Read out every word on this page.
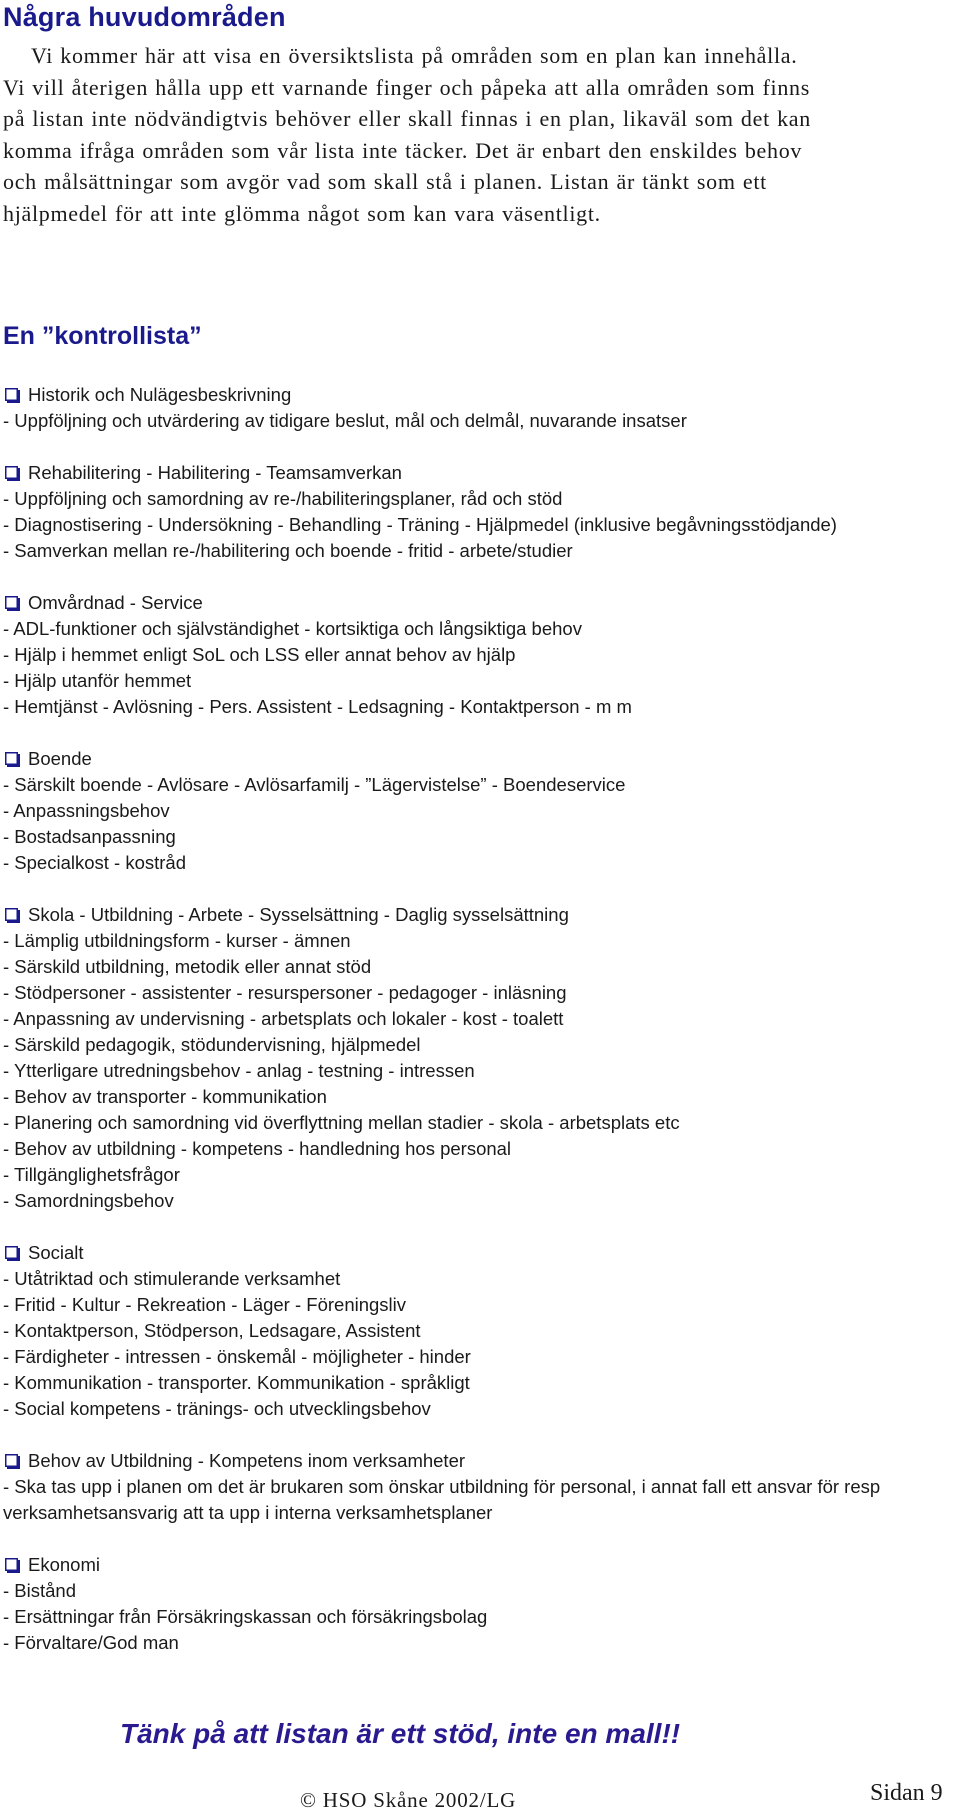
Några huvudområden

Vi kommer här att visa en översiktslista på områden som en plan kan innehålla. Vi vill återigen hålla upp ett varnande finger och påpeka att alla områden som finns på listan inte nödvändigtvis behöver eller skall finnas i en plan, likaväl som det kan komma ifråga områden som vår lista inte täcker. Det är enbart den enskildes behov och målsättningar som avgör vad som skall stå i planen. Listan är tänkt som ett hjälpmedel för att inte glömma något som kan vara väsentligt.

En ”kontrollista”
Historik och Nulägesbeskrivning
- Uppföljning och utvärdering av tidigare beslut, mål och delmål, nuvarande insatser
Rehabilitering - Habilitering - Teamsamverkan
- Uppföljning och samordning av re-/habiliteringsplaner, råd och stöd
- Diagnostisering - Undersökning - Behandling - Träning - Hjälpmedel (inklusive begåvningsstödjande)
- Samverkan mellan re-/habilitering och boende - fritid - arbete/studier
Omvårdnad - Service
- ADL-funktioner och självständighet - kortsiktiga och långsiktiga behov
- Hjälp i hemmet enligt SoL och LSS eller annat behov av hjälp
- Hjälp utanför hemmet
- Hemtjänst - Avlösning - Pers. Assistent - Ledsagning - Kontaktperson - m m
Boende
- Särskilt boende - Avlösare - Avlösarfamilj - ”Lägervistelse” - Boendeservice
- Anpassningsbehov
- Bostadsanpassning
- Specialkost - kostråd
Skola - Utbildning - Arbete - Sysselsättning - Daglig sysselsättning
- Lämplig utbildningsform - kurser - ämnen
- Särskild utbildning, metodik eller annat stöd
- Stödpersoner - assistenter - resurspersoner - pedagoger - inläsning
- Anpassning av undervisning - arbetsplats och lokaler - kost - toalett
- Särskild pedagogik, stödundervisning, hjälpmedel
- Ytterligare utredningsbehov - anlag - testning - intressen
- Behov av transporter - kommunikation
- Planering och samordning vid överflyttning mellan stadier - skola - arbetsplats etc
- Behov av utbildning - kompetens - handledning hos personal
- Tillgänglighetsfrågor
- Samordningsbehov
Socialt
- Utåtriktad och stimulerande verksamhet
- Fritid - Kultur - Rekreation - Läger - Föreningsliv
- Kontaktperson, Stödperson, Ledsagare, Assistent
- Färdigheter - intressen - önskemål - möjligheter - hinder
- Kommunikation - transporter. Kommunikation - språkligt
- Social kompetens - tränings- och utvecklingsbehov
Behov av Utbildning - Kompetens inom verksamheter
- Ska tas upp i planen om det är brukaren som önskar utbildning för personal, i annat fall ett ansvar för resp verksamhetsansvarig att ta upp i interna verksamhetsplaner
Ekonomi
- Bistånd
- Ersättningar från Försäkringskassan och försäkringsbolag
- Förvaltare/God man

Tänk på att listan är ett stöd, inte en mall!!

© HSO Skåne 2002/LG	Sidan 9
